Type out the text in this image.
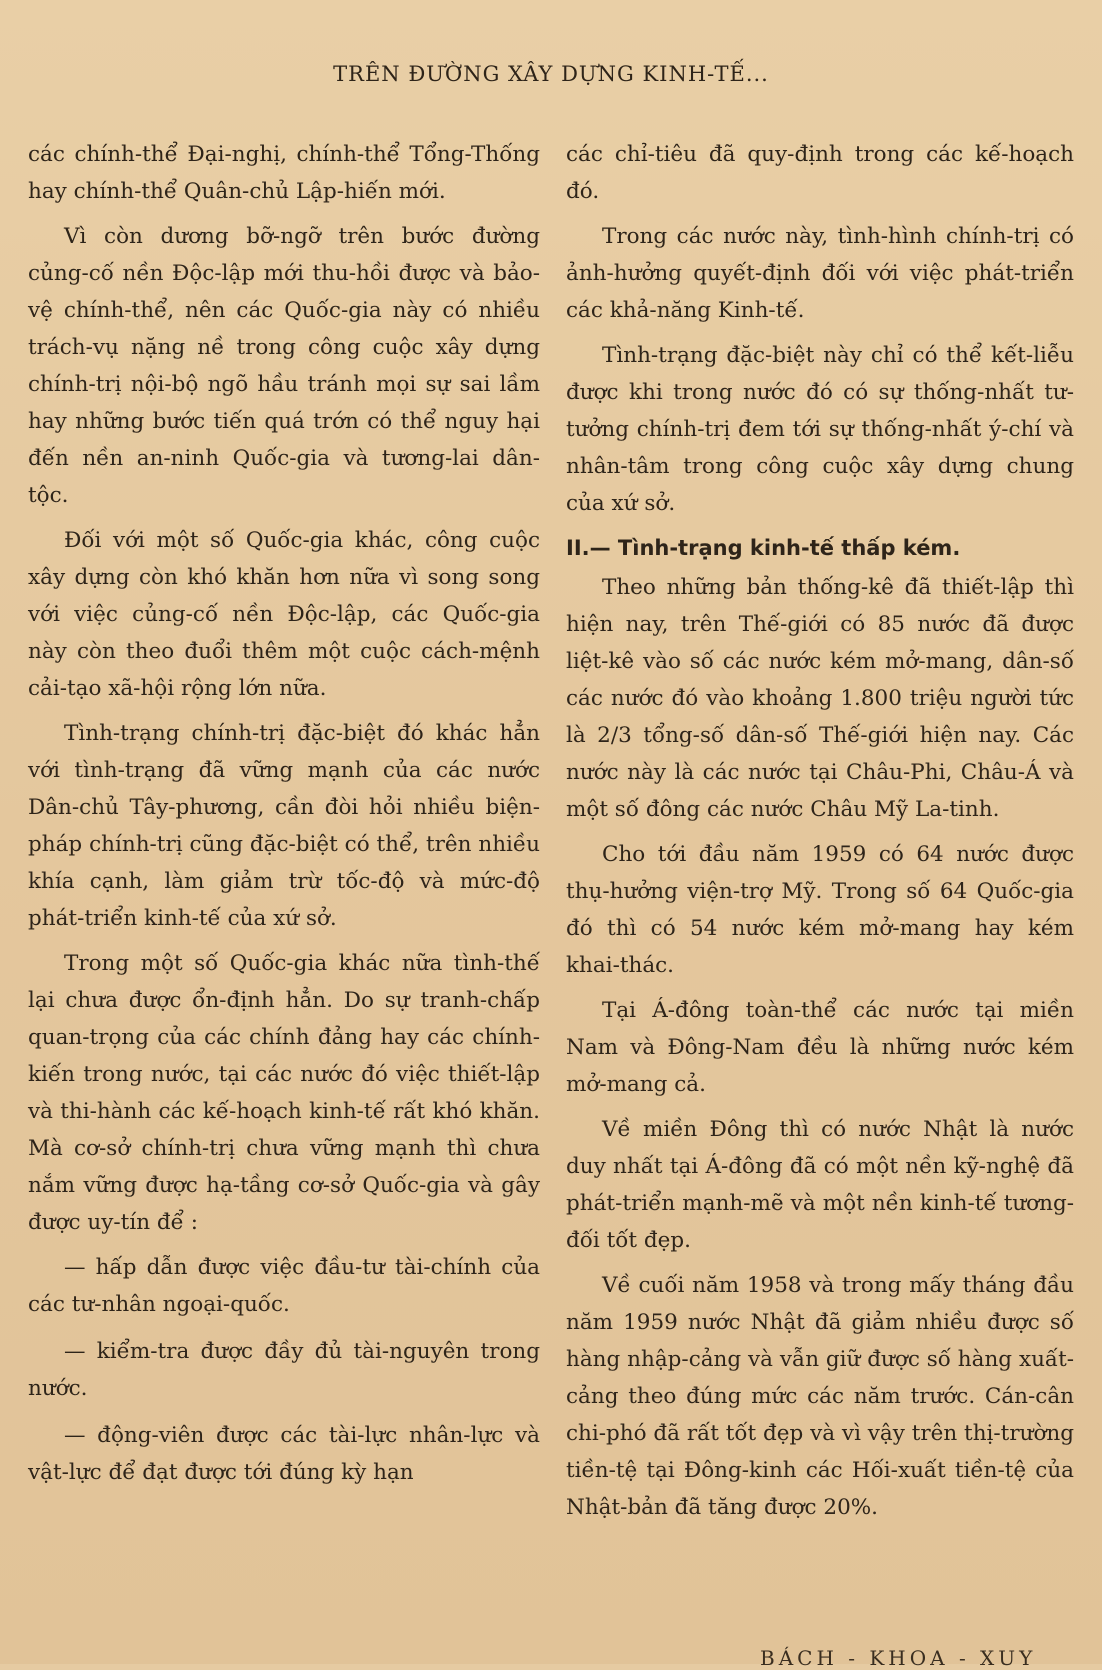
TRÊN ĐƯỜNG XÂY DỰNG KINH-TẾ...

các chính-thể Đại-nghị, chính-thể Tổng-Thống hay chính-thể Quân-chủ Lập-hiến mới.

Vì còn dương bỡ-ngỡ trên bước đường củng-cố nền Độc-lập mới thu-hồi được và bảo-vệ chính-thể, nên các Quốc-gia này có nhiều trách-vụ nặng nề trong công cuộc xây dựng chính-trị nội-bộ ngõ hầu tránh mọi sự sai lầm hay những bước tiến quá trớn có thể nguy hại đến nền an-ninh Quốc-gia và tương-lai dân-tộc.

Đối với một số Quốc-gia khác, công cuộc xây dựng còn khó khăn hơn nữa vì song song với việc củng-cố nền Độc-lập, các Quốc-gia này còn theo đuổi thêm một cuộc cách-mệnh cải-tạo xã-hội rộng lớn nữa.

Tình-trạng chính-trị đặc-biệt đó khác hẳn với tình-trạng đã vững mạnh của các nước Dân-chủ Tây-phương, cần đòi hỏi nhiều biện-pháp chính-trị cũng đặc-biệt có thể, trên nhiều khía cạnh, làm giảm trừ tốc-độ và mức-độ phát-triển kinh-tế của xứ sở.

Trong một số Quốc-gia khác nữa tình-thế lại chưa được ổn-định hẳn. Do sự tranh-chấp quan-trọng của các chính đảng hay các chính-kiến trong nước, tại các nước đó việc thiết-lập và thi-hành các kế-hoạch kinh-tế rất khó khăn. Mà cơ-sở chính-trị chưa vững mạnh thì chưa nắm vững được hạ-tầng cơ-sở Quốc-gia và gây được uy-tín để :

— hấp dẫn được việc đầu-tư tài-chính của các tư-nhân ngoại-quốc.

— kiểm-tra được đầy đủ tài-nguyên trong nước.

— động-viên được các tài-lực nhân-lực và vật-lực để đạt được tới đúng kỳ hạn

các chỉ-tiêu đã quy-định trong các kế-hoạch đó.

Trong các nước này, tình-hình chính-trị có ảnh-hưởng quyết-định đối với việc phát-triển các khả-năng Kinh-tế.

Tình-trạng đặc-biệt này chỉ có thể kết-liễu được khi trong nước đó có sự thống-nhất tư-tưởng chính-trị đem tới sự thống-nhất ý-chí và nhân-tâm trong công cuộc xây dựng chung của xứ sở.

II.— Tình-trạng kinh-tế thấp kém.

Theo những bản thống-kê đã thiết-lập thì hiện nay, trên Thế-giới có 85 nước đã được liệt-kê vào số các nước kém mở-mang, dân-số các nước đó vào khoảng 1.800 triệu người tức là 2/3 tổng-số dân-số Thế-giới hiện nay. Các nước này là các nước tại Châu-Phi, Châu-Á và một số đông các nước Châu Mỹ La-tinh.

Cho tới đầu năm 1959 có 64 nước được thụ-hưởng viện-trợ Mỹ. Trong số 64 Quốc-gia đó thì có 54 nước kém mở-mang hay kém khai-thác.

Tại Á-đông toàn-thể các nước tại miền Nam và Đông-Nam đều là những nước kém mở-mang cả.

Về miền Đông thì có nước Nhật là nước duy nhất tại Á-đông đã có một nền kỹ-nghệ đã phát-triển mạnh-mẽ và một nền kinh-tế tương-đối tốt đẹp.

Về cuối năm 1958 và trong mấy tháng đầu năm 1959 nước Nhật đã giảm nhiều được số hàng nhập-cảng và vẫn giữ được số hàng xuất-cảng theo đúng mức các năm trước. Cán-cân chi-phó đã rất tốt đẹp và vì vậy trên thị-trường tiền-tệ tại Đông-kinh các Hối-xuất tiền-tệ của Nhật-bản đã tăng được 20%.

BÁCH - KHOA - XUY
